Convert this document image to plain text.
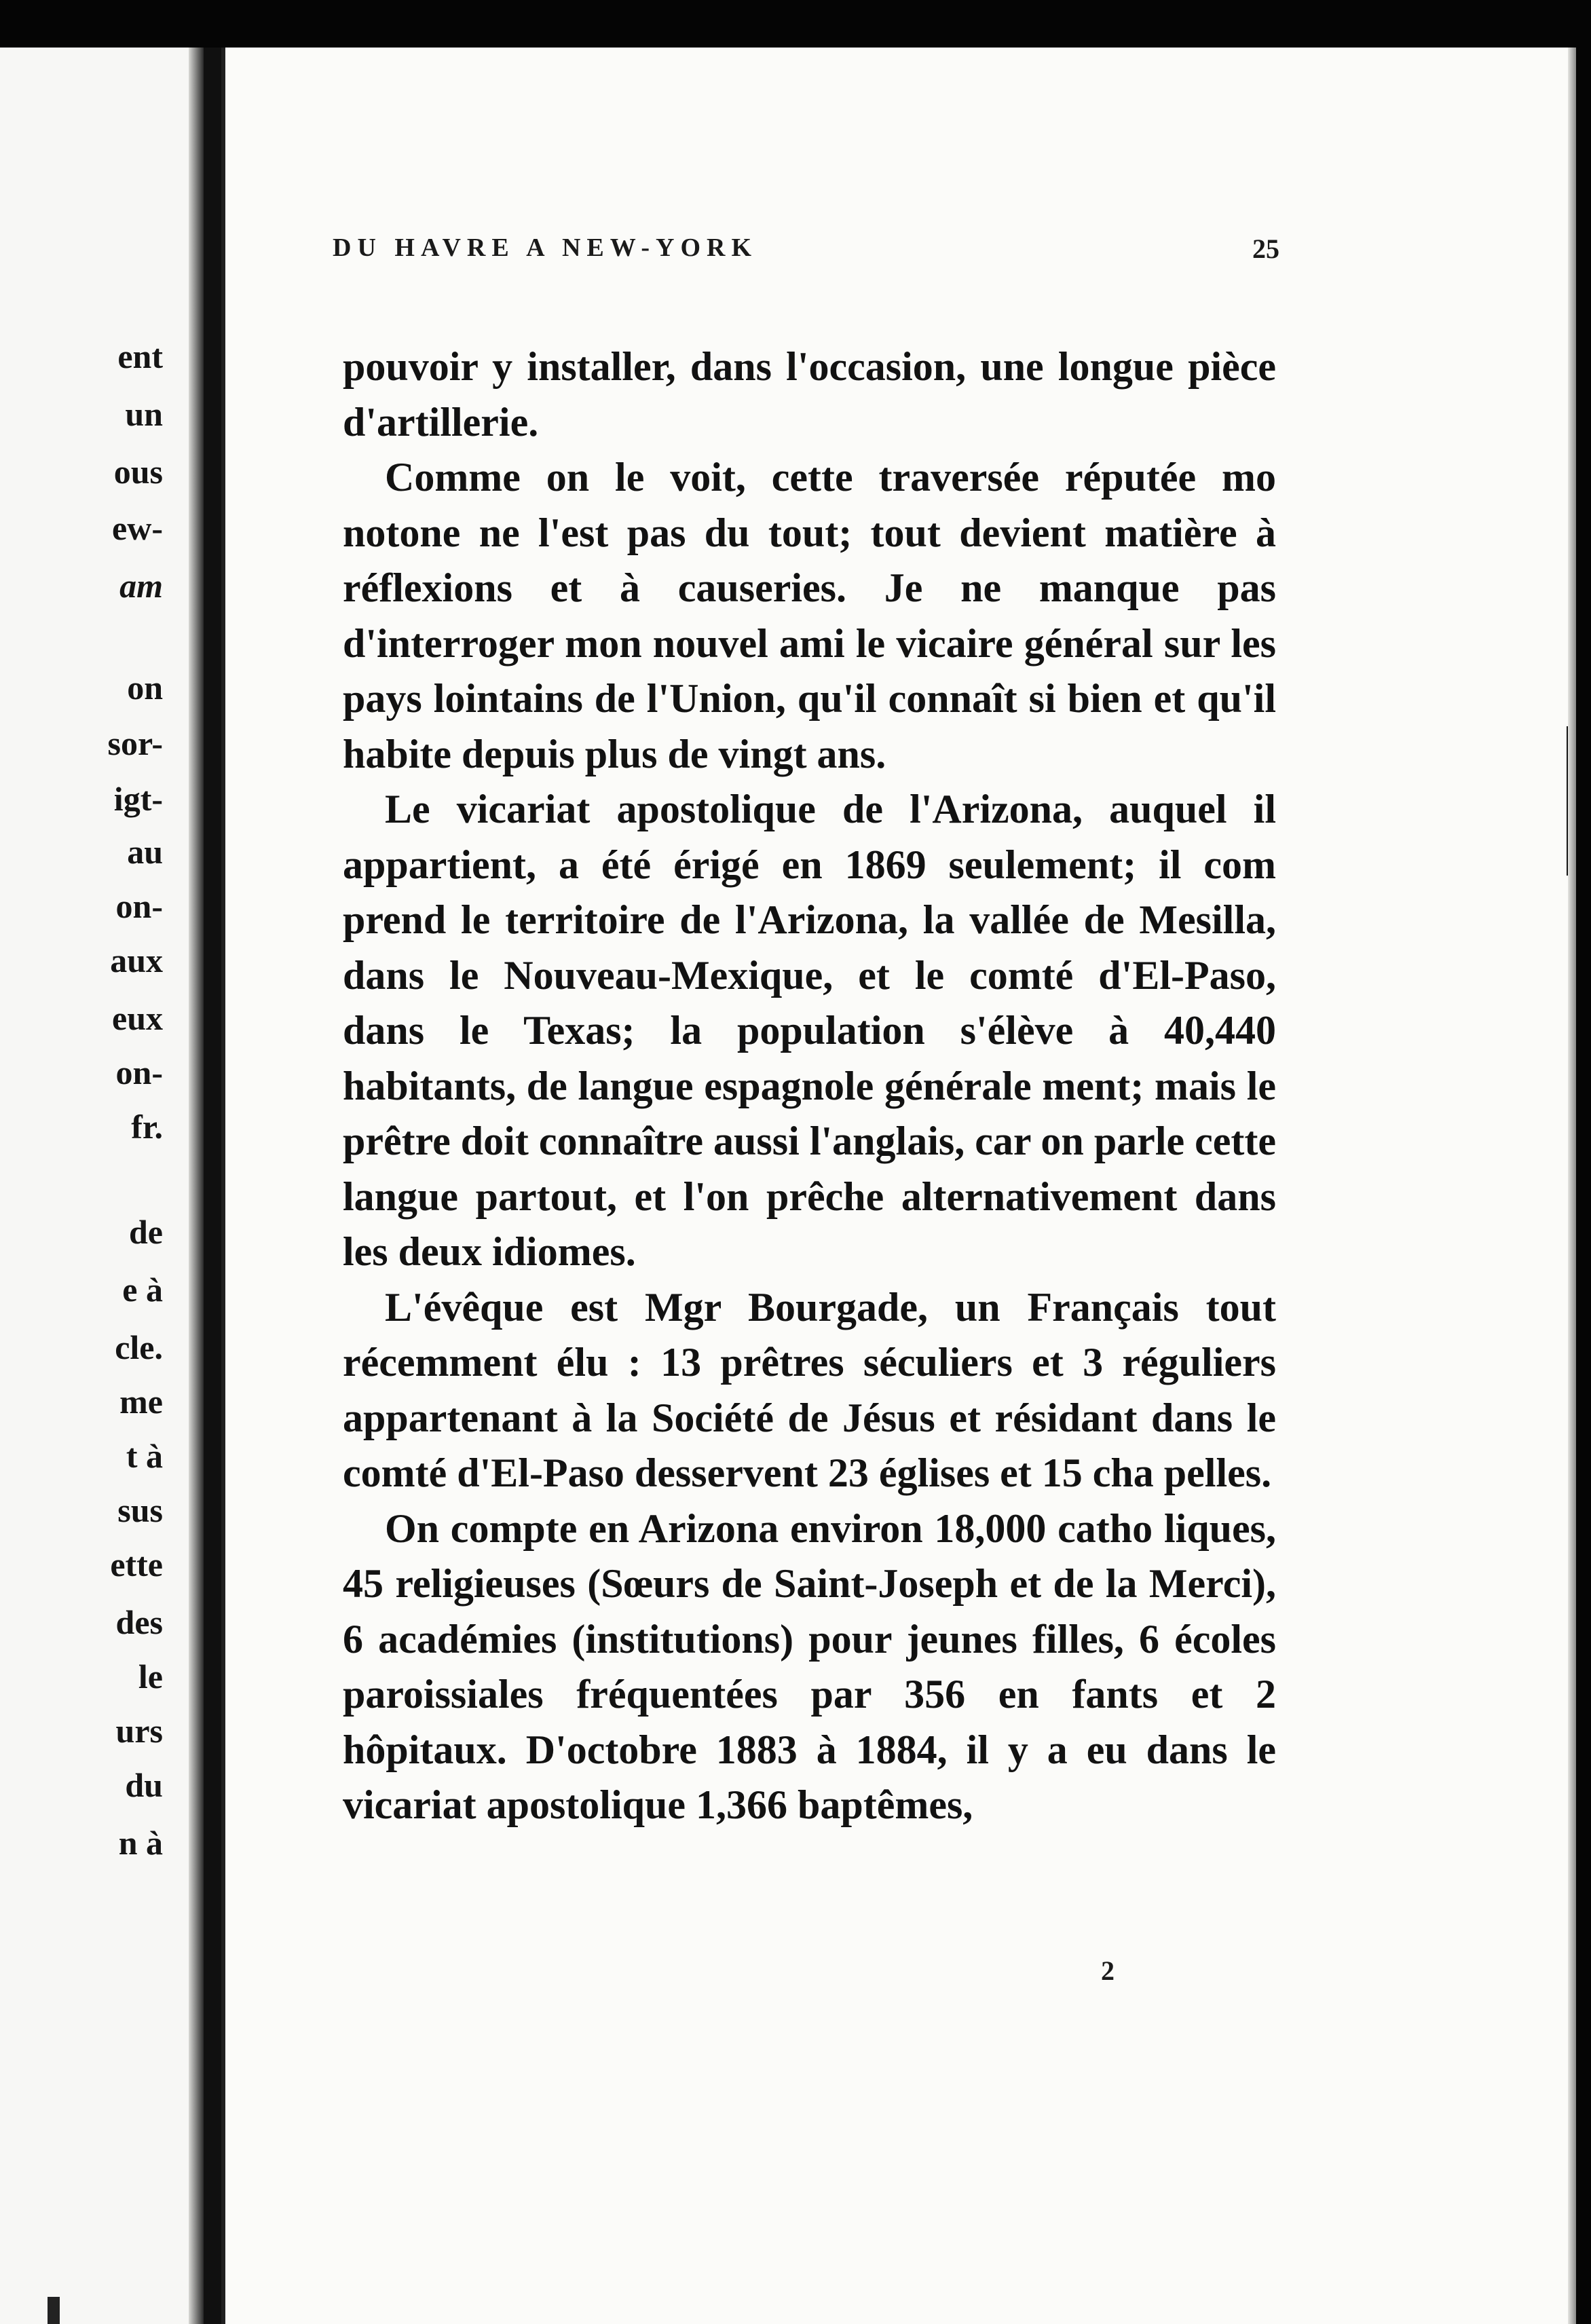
ent
un
ous
ew-
am
on
sor-
igt-
au
on-
aux
eux
on-
fr.
de
e à
cle.
me
t à
sus
ette
des
le
urs
du
n à
DU HAVRE A NEW-YORK	25

pouvoir y installer, dans l'occasion, une longue pièce d'artillerie.

Comme on le voit, cette traversée réputée mo notone ne l'est pas du tout; tout devient matière à réflexions et à causeries. Je ne manque pas d'interroger mon nouvel ami le vicaire général sur les pays lointains de l'Union, qu'il connaît si bien et qu'il habite depuis plus de vingt ans.

Le vicariat apostolique de l'Arizona, auquel il appartient, a été érigé en 1869 seulement; il com prend le territoire de l'Arizona, la vallée de Mesilla, dans le Nouveau-Mexique, et le comté d'El-Paso, dans le Texas; la population s'élève à 40,440 habitants, de langue espagnole générale ment; mais le prêtre doit connaître aussi l'anglais, car on parle cette langue partout, et l'on prêche alternativement dans les deux idiomes.

L'évêque est Mgr Bourgade, un Français tout récemment élu : 13 prêtres séculiers et 3 réguliers appartenant à la Société de Jésus et résidant dans le comté d'El-Paso desservent 23 églises et 15 cha pelles.

On compte en Arizona environ 18,000 catho liques, 45 religieuses (Sœurs de Saint-Joseph et de la Merci), 6 académies (institutions) pour jeunes filles, 6 écoles paroissiales fréquentées par 356 en fants et 2 hôpitaux. D'octobre 1883 à 1884, il y a eu dans le vicariat apostolique 1,366 baptêmes,

2
